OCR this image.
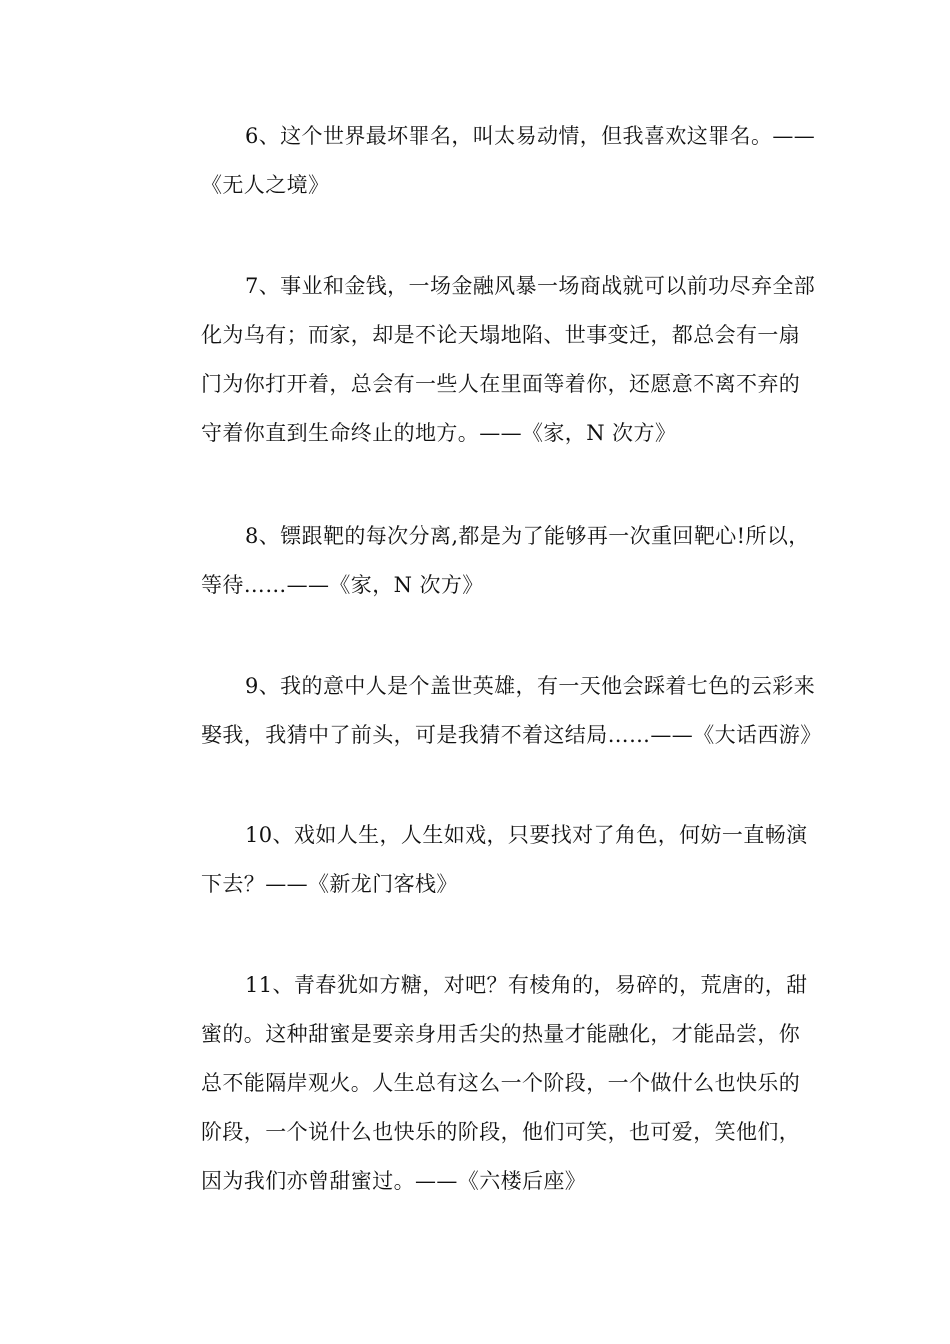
6、这个世界最坏罪名，叫太易动情，但我喜欢这罪名。——
《无人之境》
7、事业和金钱，一场金融风暴一场商战就可以前功尽弃全部
化为乌有；而家，却是不论天塌地陷、世事变迁，都总会有一扇
门为你打开着，总会有一些人在里面等着你，还愿意不离不弃的
守着你直到生命终止的地方。——《家，N 次方》
8、镖跟靶的每次分离,都是为了能够再一次重回靶心!所以，
等待……——《家，N 次方》
9、我的意中人是个盖世英雄，有一天他会踩着七色的云彩来
娶我，我猜中了前头，可是我猜不着这结局……——《大话西游》
10、戏如人生，人生如戏，只要找对了角色，何妨一直畅演
下去？——《新龙门客栈》
11、青春犹如方糖，对吧？有棱角的，易碎的，荒唐的，甜
蜜的。这种甜蜜是要亲身用舌尖的热量才能融化，才能品尝，你
总不能隔岸观火。人生总有这么一个阶段，一个做什么也快乐的
阶段，一个说什么也快乐的阶段，他们可笑，也可爱，笑他们，
因为我们亦曾甜蜜过。——《六楼后座》
